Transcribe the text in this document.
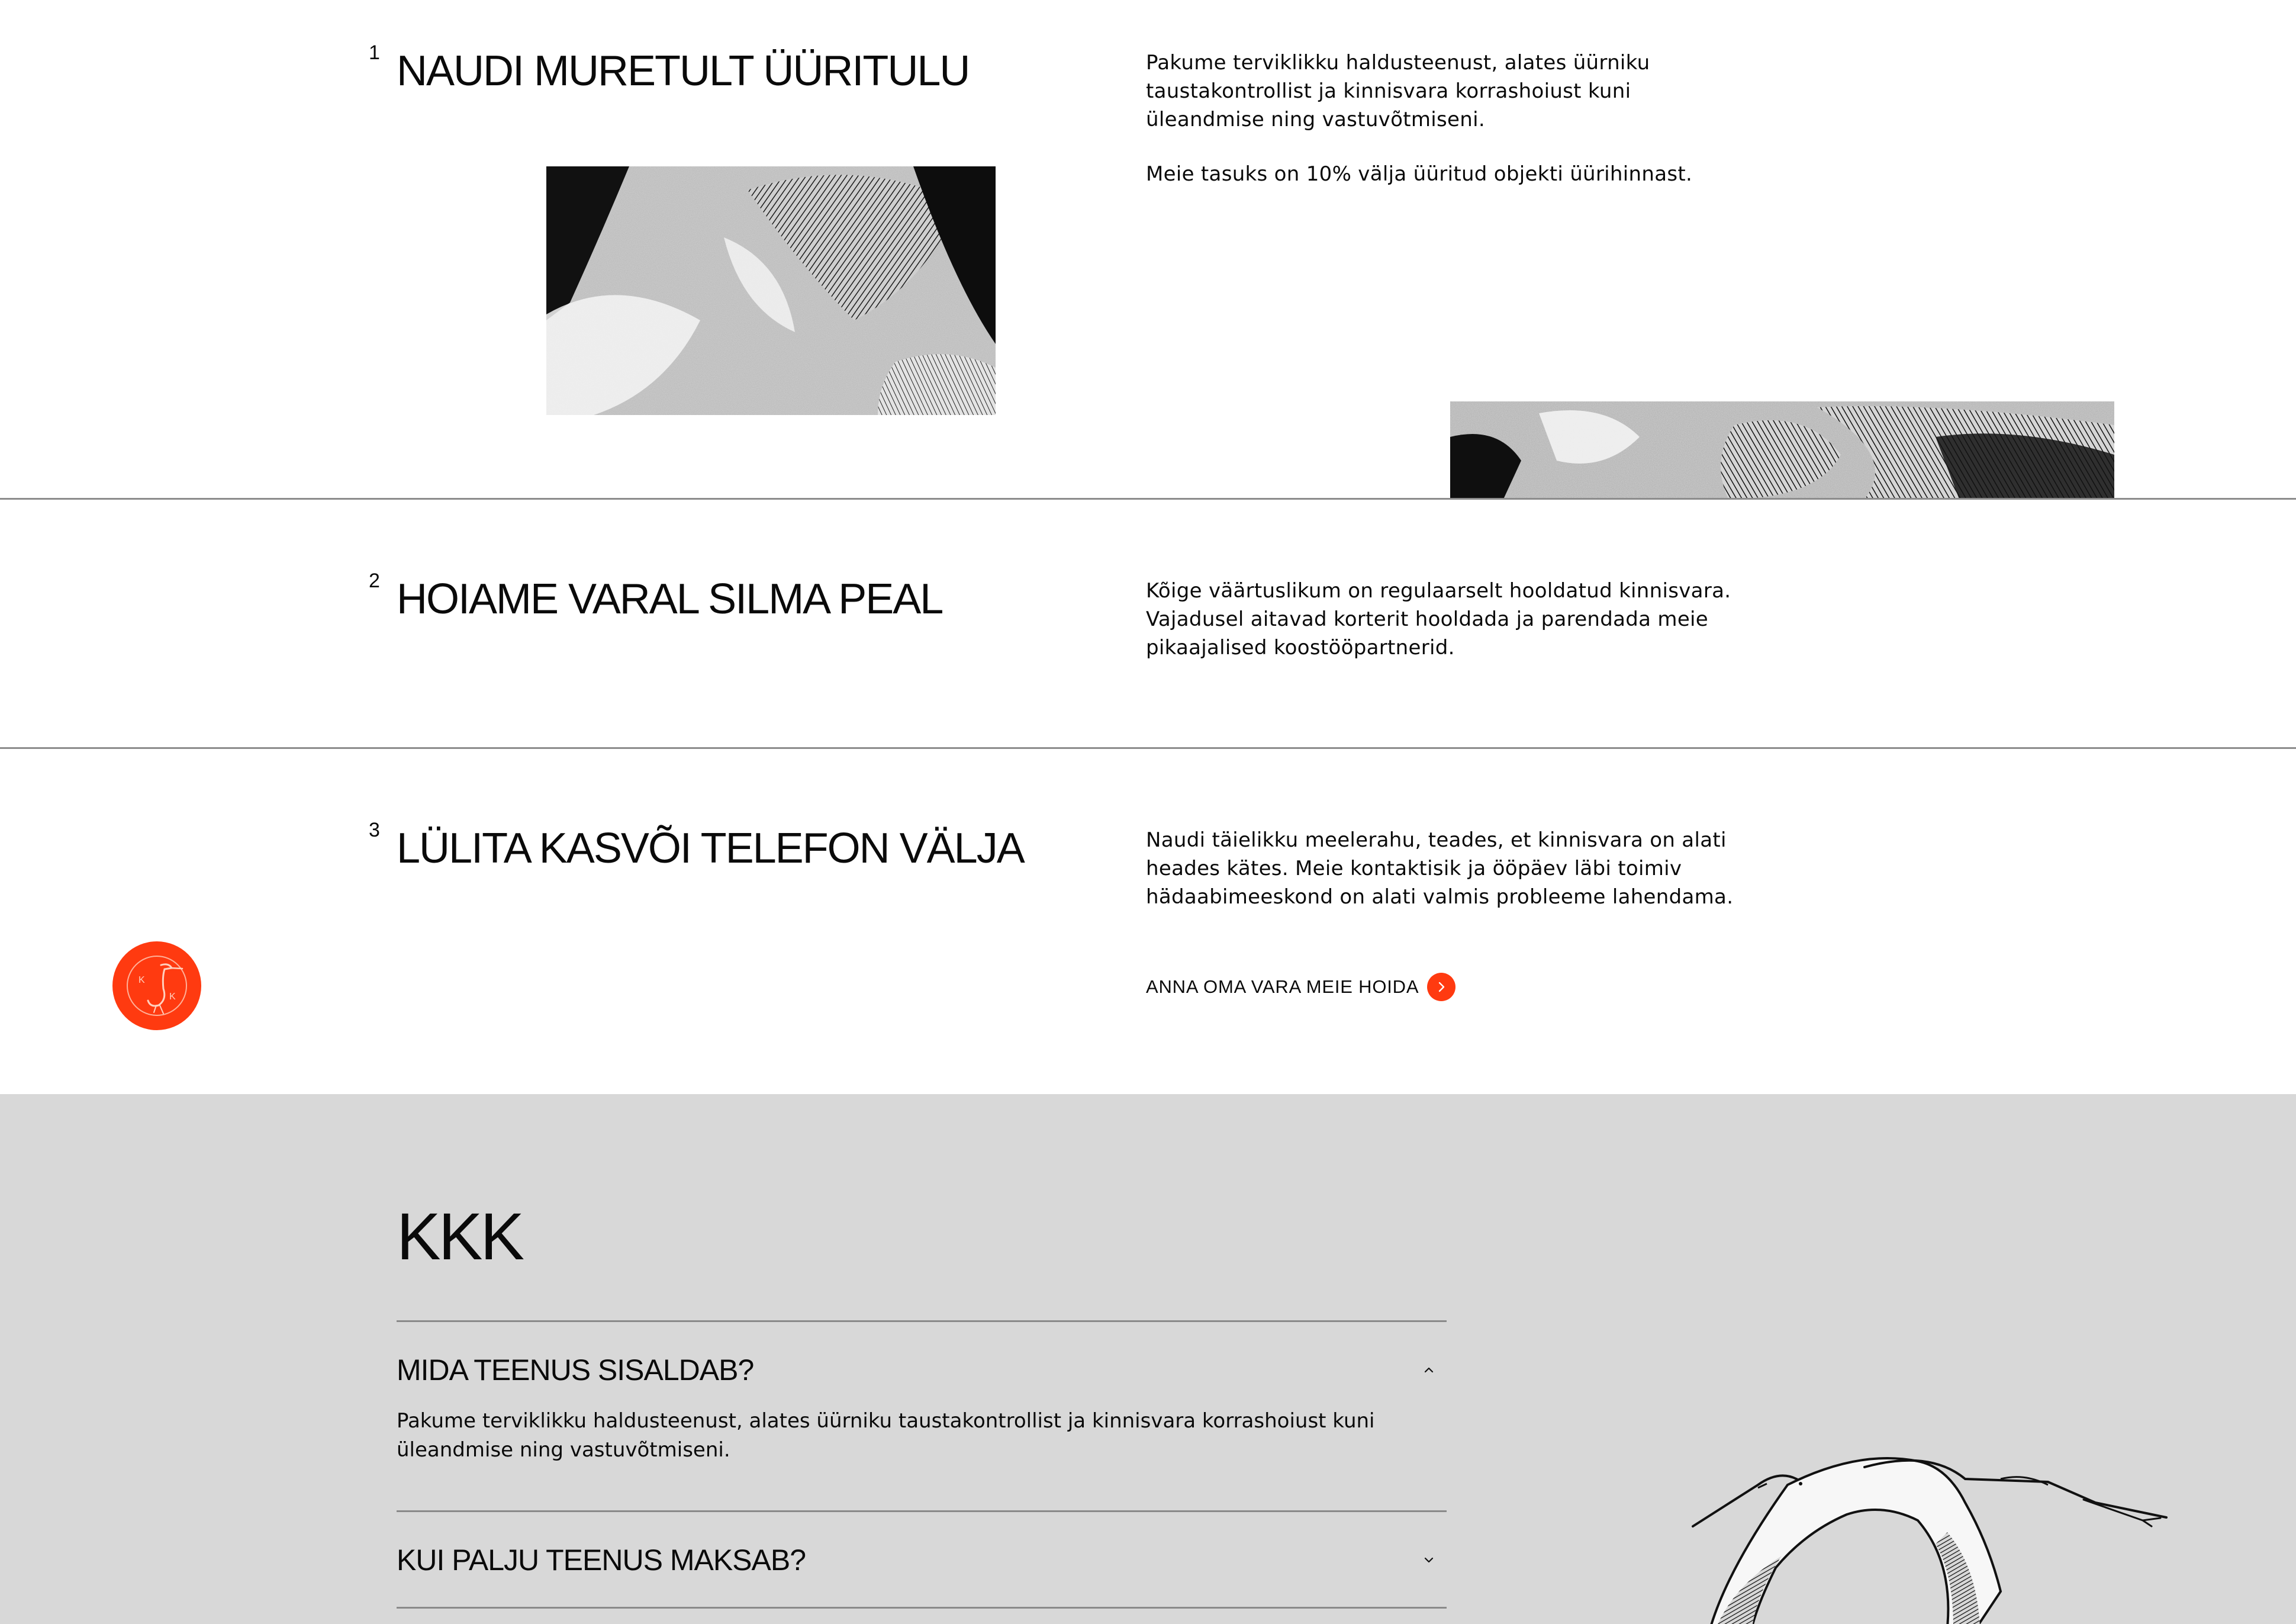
1 NAUDI MURETULT ÜÜRITULU	Pakume terviklikku haldusteenust, alates üürniku taustakontrollist ja kinnisvara korrashoiust kuni üleandmise ning vastuvõtmiseni.

Meie tasuks on 10% välja üüritud objekti üürihinnast.

2 HOIAME VARAL SILMA PEAL	Kõige väärtuslikum on regulaarselt hooldatud kinnisvara. Vajadusel aitavad korterit hooldada ja parendada meie pikaajalised koostööpartnerid.

3 LÜLITA KASVÕI TELEFON VÄLJA	Naudi täielikku meelerahu, teades, et kinnisvara on alati heades kätes. Meie kontaktisik ja ööpäev läbi toimiv hädaabimeeskond on alati valmis probleeme lahendama.

ANNA OMA VARA MEIE HOIDA
K
K
KKK
MIDA TEENUS SISALDAB?

Pakume terviklikku haldusteenust, alates üürniku taustakontrollist ja kinnisvara korrashoiust kuni üleandmise ning vastuvõtmiseni.

KUI PALJU TEENUS MAKSAB?
